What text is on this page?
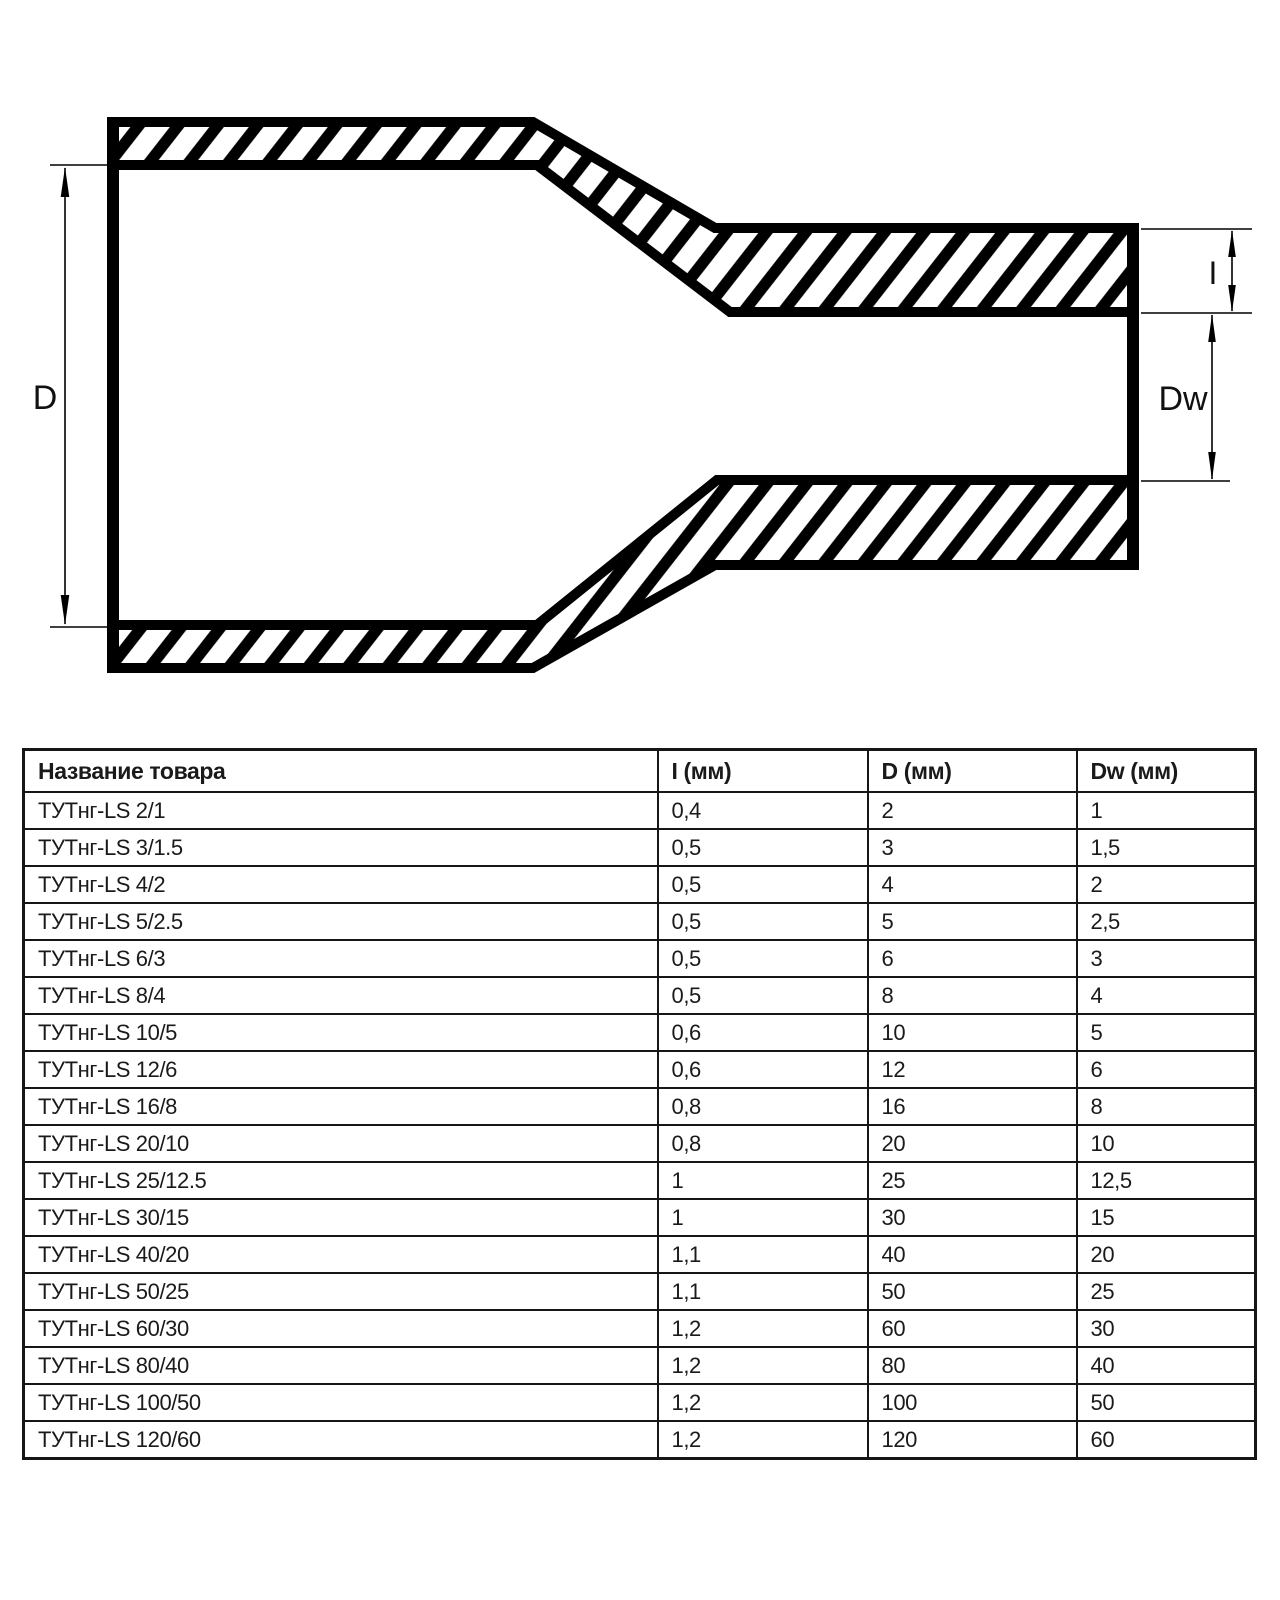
D
I
Dw
Название товара	I (мм)	D (мм)	Dw (мм)
ТУТнг-LS 2/1	0,4	2	1
ТУТнг-LS 3/1.5	0,5	3	1,5
ТУТнг-LS 4/2	0,5	4	2
ТУТнг-LS 5/2.5	0,5	5	2,5
ТУТнг-LS 6/3	0,5	6	3
ТУТнг-LS 8/4	0,5	8	4
ТУТнг-LS 10/5	0,6	10	5
ТУТнг-LS 12/6	0,6	12	6
ТУТнг-LS 16/8	0,8	16	8
ТУТнг-LS 20/10	0,8	20	10
ТУТнг-LS 25/12.5	1	25	12,5
ТУТнг-LS 30/15	1	30	15
ТУТнг-LS 40/20	1,1	40	20
ТУТнг-LS 50/25	1,1	50	25
ТУТнг-LS 60/30	1,2	60	30
ТУТнг-LS 80/40	1,2	80	40
ТУТнг-LS 100/50	1,2	100	50
ТУТнг-LS 120/60	1,2	120	60
